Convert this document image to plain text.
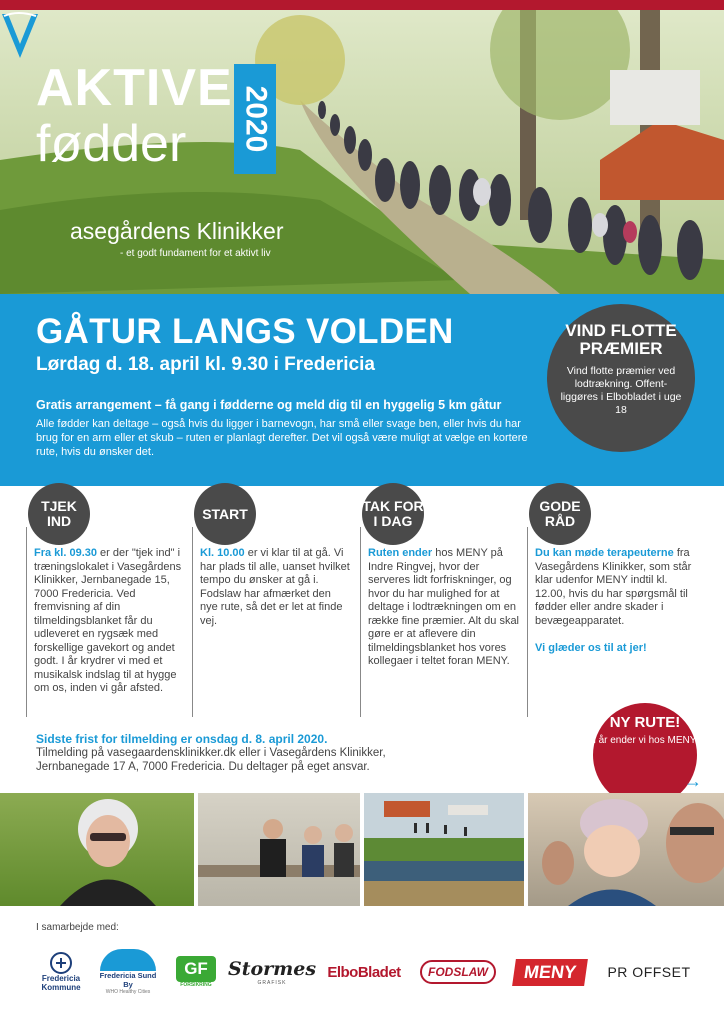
AKTIVE
fødder 2020
asegårdens Klinikker
- et godt fundament for et aktivt liv
GÅTUR LANGS VOLDEN
Lørdag d. 18. april kl. 9.30 i Fredericia
Gratis arrangement – få gang i fødderne og meld dig til en hyggelig 5 km gåtur
Alle fødder kan deltage – også hvis du ligger i barnevogn, har små eller svage ben, eller hvis du har brug for en arm eller et skub – ruten er planlagt derefter. Det vil også være muligt at vælge en kortere rute, hvis du ønsker det.
VIND FLOTTE PRÆMIER
Vind flotte præmier ved lodtrækning. Offent-liggøres i Elbobladet i uge 18
TJEK IND
Fra kl. 09.30 er der "tjek ind" i træningslokalet i Vasegårdens Klinikker, Jernbanegade 15, 7000 Fredericia. Ved fremvisning af din tilmeldingsblanket får du udleveret en rygsæk med forskellige gavekort og andet godt. I år krydrer vi med et musikalsk indslag til at hygge om os, inden vi går afsted.
START
Kl. 10.00 er vi klar til at gå. Vi har plads til alle, uanset hvilket tempo du ønsker at gå i. Fodslaw har afmærket den nye rute, så det er let at finde vej.
TAK FOR I DAG
Ruten ender hos MENY på Indre Ringvej, hvor der serveres lidt forfriskninger, og hvor du har mulighed for at deltage i lodtrækningen om en række fine præmier. Alt du skal gøre er at aflevere din tilmeldingsblanket hos vores kollegaer i teltet foran MENY.
GODE RÅD
Du kan møde terapeuterne fra Vasegårdens Klinikker, som står klar udenfor MENY indtil kl. 12.00, hvis du har spørgsmål til fødder eller andre skader i bevægeapparatet.

Vi glæder os til at jer!
Sidste frist for tilmelding er onsdag d. 8. april 2020.
Tilmelding på vasegaardensklinikker.dk eller i Vasegårdens Klinikker, Jernbanegade 17 A, 7000 Fredericia. Du deltager på eget ansvar.
NY RUTE!
i år ender vi hos MENY
→
I samarbejde med:
Fredericia Kommune
Fredericia Sund By
WHO Healthy Cities
GF
FORSIKRING
Stormes
GRAFISK
ElboBladet	FODSLAW	MENY	PR OFFSET
